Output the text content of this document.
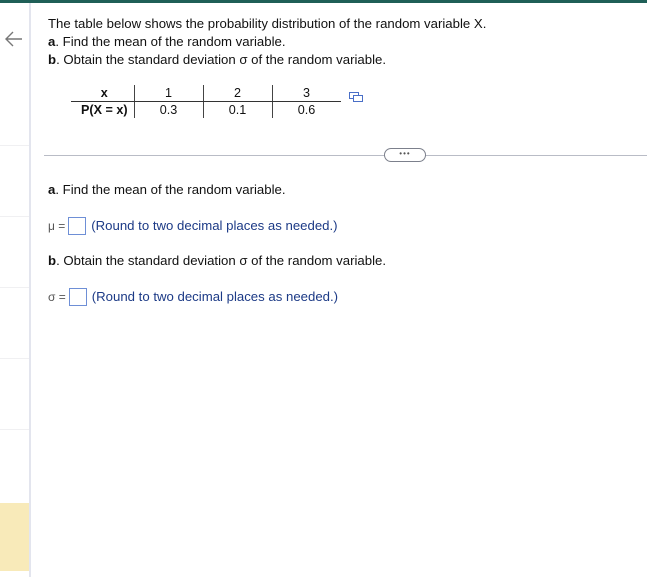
The table below shows the probability distribution of the random variable X.
a. Find the mean of the random variable.
b. Obtain the standard deviation σ of the random variable.
x	1	2	3
P(X = x)	0.3	0.1	0.6
•••
a. Find the mean of the random variable.
μ = (Round to two decimal places as needed.)
b. Obtain the standard deviation σ of the random variable.
σ = (Round to two decimal places as needed.)
